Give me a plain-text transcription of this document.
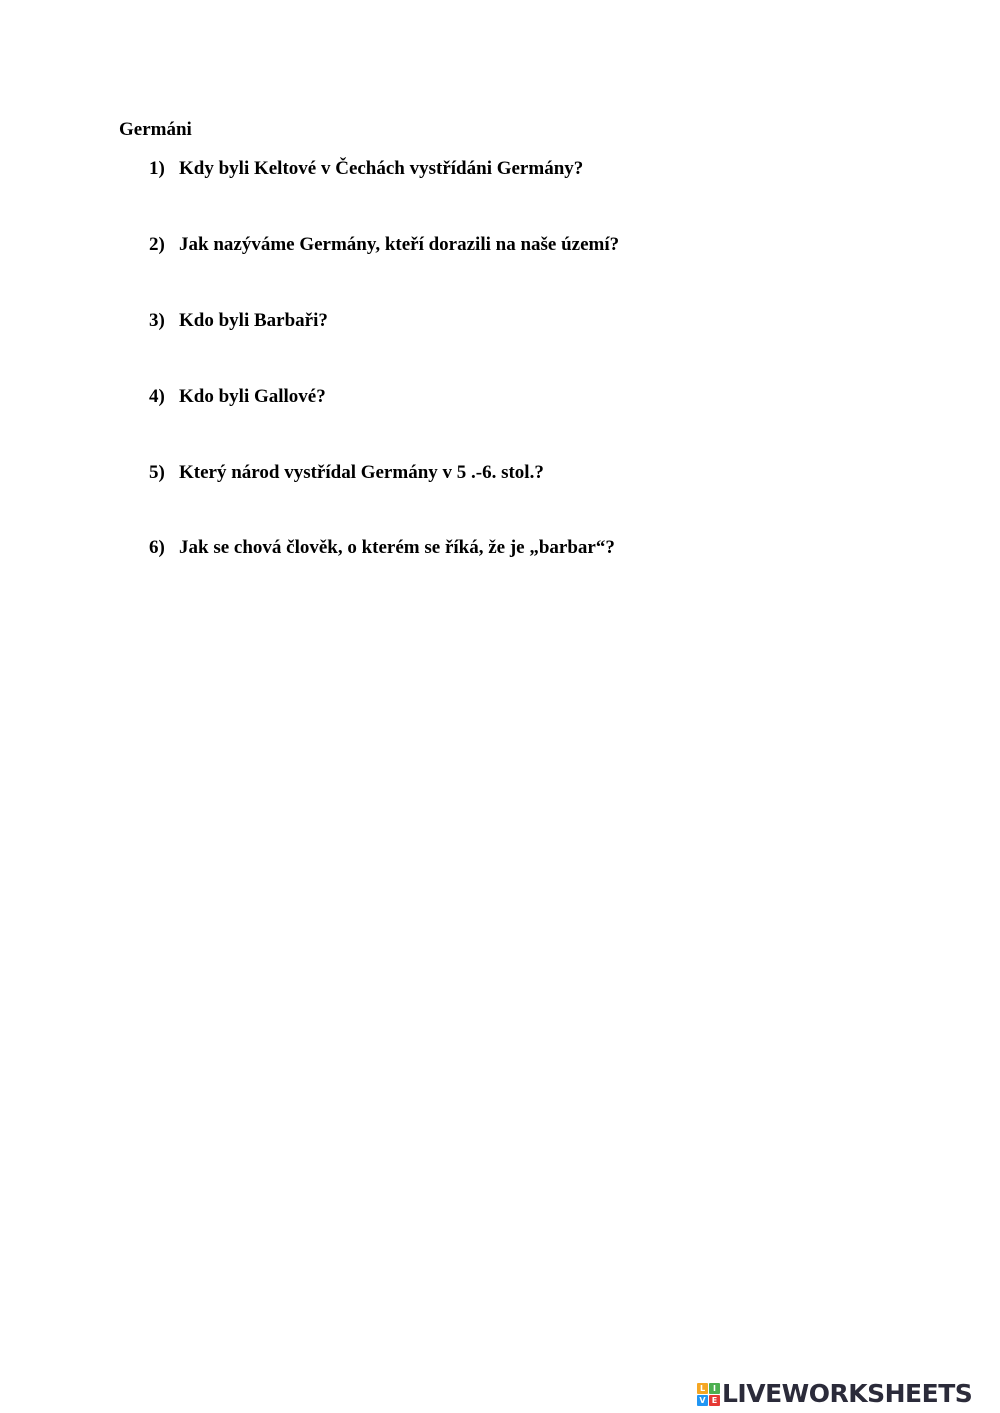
Germáni
1) Kdy byli Keltové v Čechách vystřídáni Germány?
2) Jak nazýváme Germány, kteří dorazili na naše území?
3) Kdo byli Barbaři?
4) Kdo byli Gallové?
5) Který národ vystřídal Germány v 5 .-6. stol.?
6) Jak se chová člověk, o kterém se říká, že je „barbar“?
L I
V E LIVEWORKSHEETS
